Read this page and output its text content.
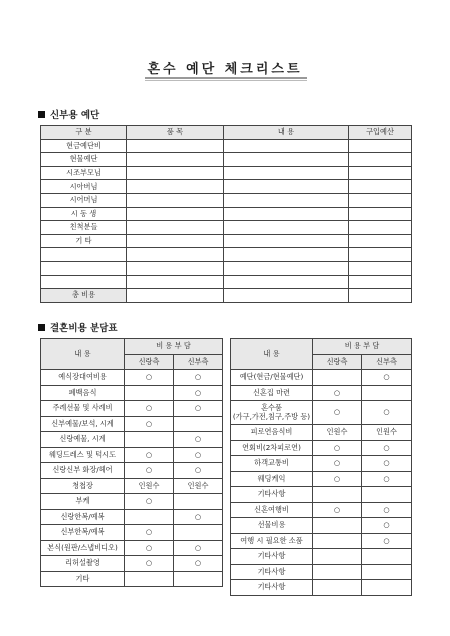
혼수 예단 체크리스트
신부용 예단
구 분	품 목	내 용	구입예산
현금예단비			
현물예단			
시조부모님			
시아버님			
시어머님			
시 동 생			
친척분들			
기 타			

총 비용			
결혼비용 분담표
내 용	비 용 부 담	
	신랑측	신부측
예식장대여비용	○	○
폐백음식		○
주례선물 및 사례비	○	○
신부예물/보석, 시계	○	
신랑예물, 시계		○
웨딩드레스 및 턱시도	○	○
신랑신부 화장/헤어	○	○
청첩장	인원수	인원수
부케	○	
신랑한복/예복		○
신부한복/예복	○	
본식(원판/스냅비디오)	○	○
리허설촬영	○	○
기타		
내 용	비 용 부 담	
	신랑측	신부측
예단(현금/현물예단)		○
신혼집 마련	○	
혼수품
(가구,가전,침구,주방 등)	○	○
피로연음식비	인원수	인원수
연회비(2차피로연)	○	○
하객교통비	○	○
웨딩케익	○	○
기타사항		
신혼여행비	○	○
선물비용		○
여행 시 필요한 소품		○
기타사항		
기타사항		
기타사항		
